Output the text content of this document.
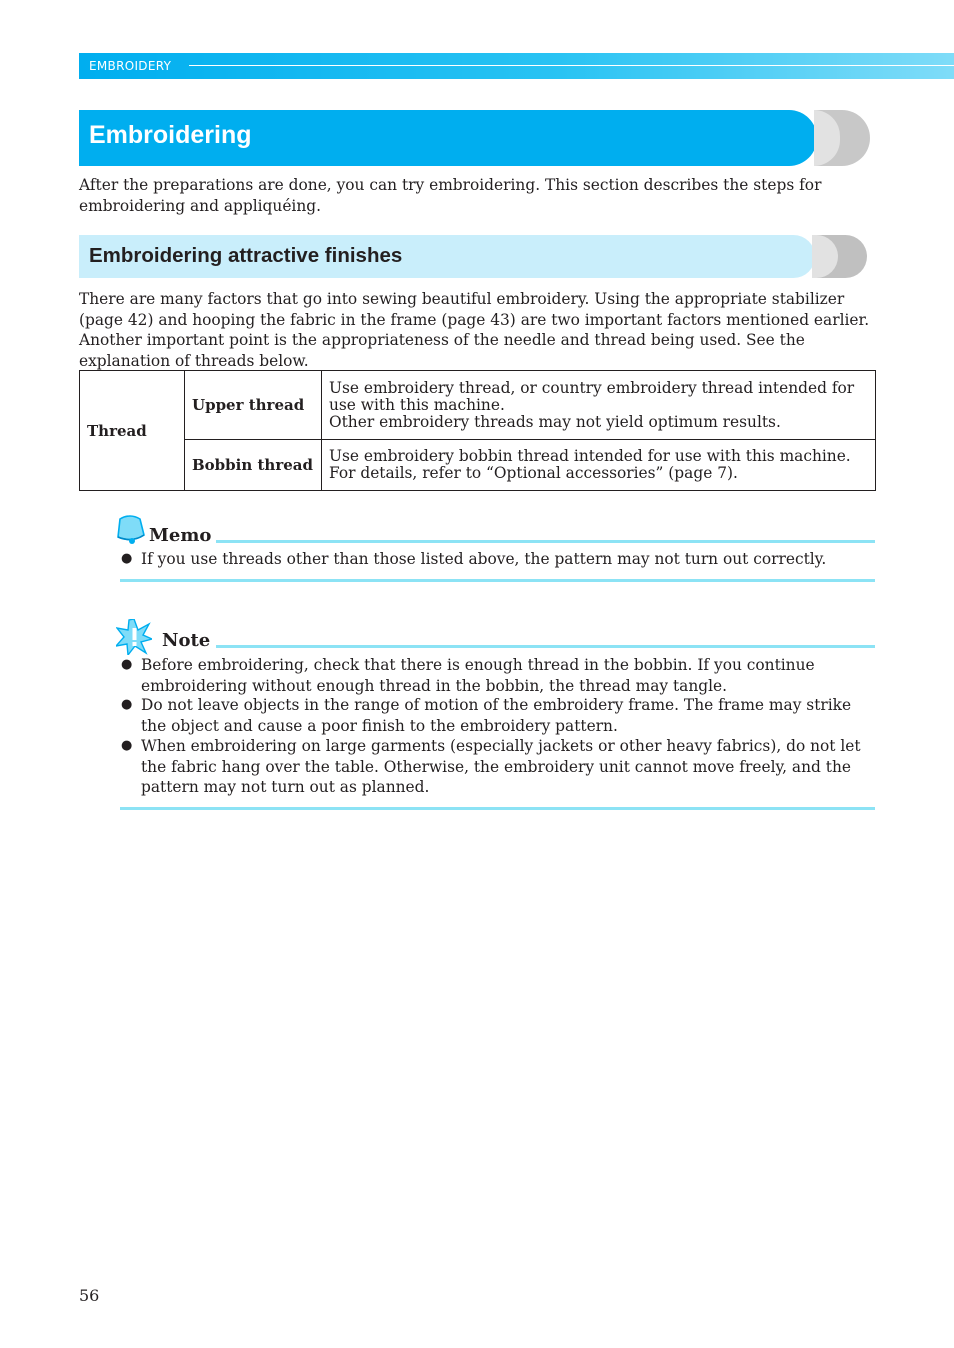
EMBROIDERY
Embroidering
After the preparations are done, you can try embroidering. This section describes the steps for embroidering and appliquéing.
Embroidering attractive finishes
There are many factors that go into sewing beautiful embroidery. Using the appropriate stabilizer (page 42) and hooping the fabric in the frame (page 43) are two important factors mentioned earlier. Another important point is the appropriateness of the needle and thread being used. See the explanation of threads below.
Thread	Upper thread	Use embroidery thread, or country embroidery thread intended for use with this machine.
Other embroidery threads may not yield optimum results.

	Bobbin thread	Use embroidery bobbin thread intended for use with this machine.
For details, refer to “Optional accessories” (page 7).
Memo
● If you use threads other than those listed above, the pattern may not turn out correctly.
Note
● Before embroidering, check that there is enough thread in the bobbin. If you continue embroidering without enough thread in the bobbin, the thread may tangle.
● Do not leave objects in the range of motion of the embroidery frame. The frame may strike the object and cause a poor finish to the embroidery pattern.
● When embroidering on large garments (especially jackets or other heavy fabrics), do not let the fabric hang over the table. Otherwise, the embroidery unit cannot move freely, and the pattern may not turn out as planned.
56
